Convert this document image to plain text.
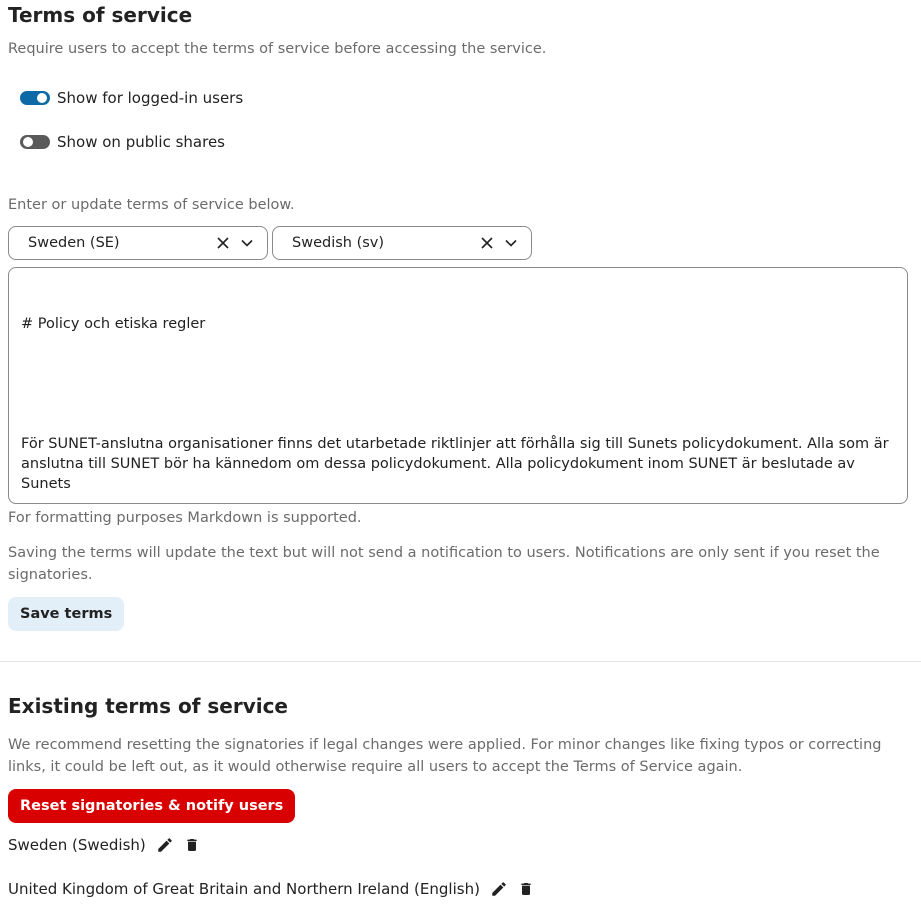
Terms of service

Require users to accept the terms of service before accessing the service.

Show for logged-in users
Show on public shares

Enter or update terms of service below.

Sweden (SE)	Swedish (sv)

# Policy och etiska regler

För SUNET-anslutna organisationer finns det utarbetade riktlinjer att förhålla sig till Sunets policydokument. Alla som är anslutna till SUNET bör ha kännedom om dessa policydokument. Alla policydokument inom SUNET är beslutade av Sunets

For formatting purposes Markdown is supported.

Saving the terms will update the text but will not send a notification to users. Notifications are only sent if you reset the signatories.

Save terms
Existing terms of service

We recommend resetting the signatories if legal changes were applied. For minor changes like fixing typos or correcting links, it could be left out, as it would otherwise require all users to accept the Terms of Service again.

Reset signatories & notify users
Sweden (Swedish)
United Kingdom of Great Britain and Northern Ireland (English)
